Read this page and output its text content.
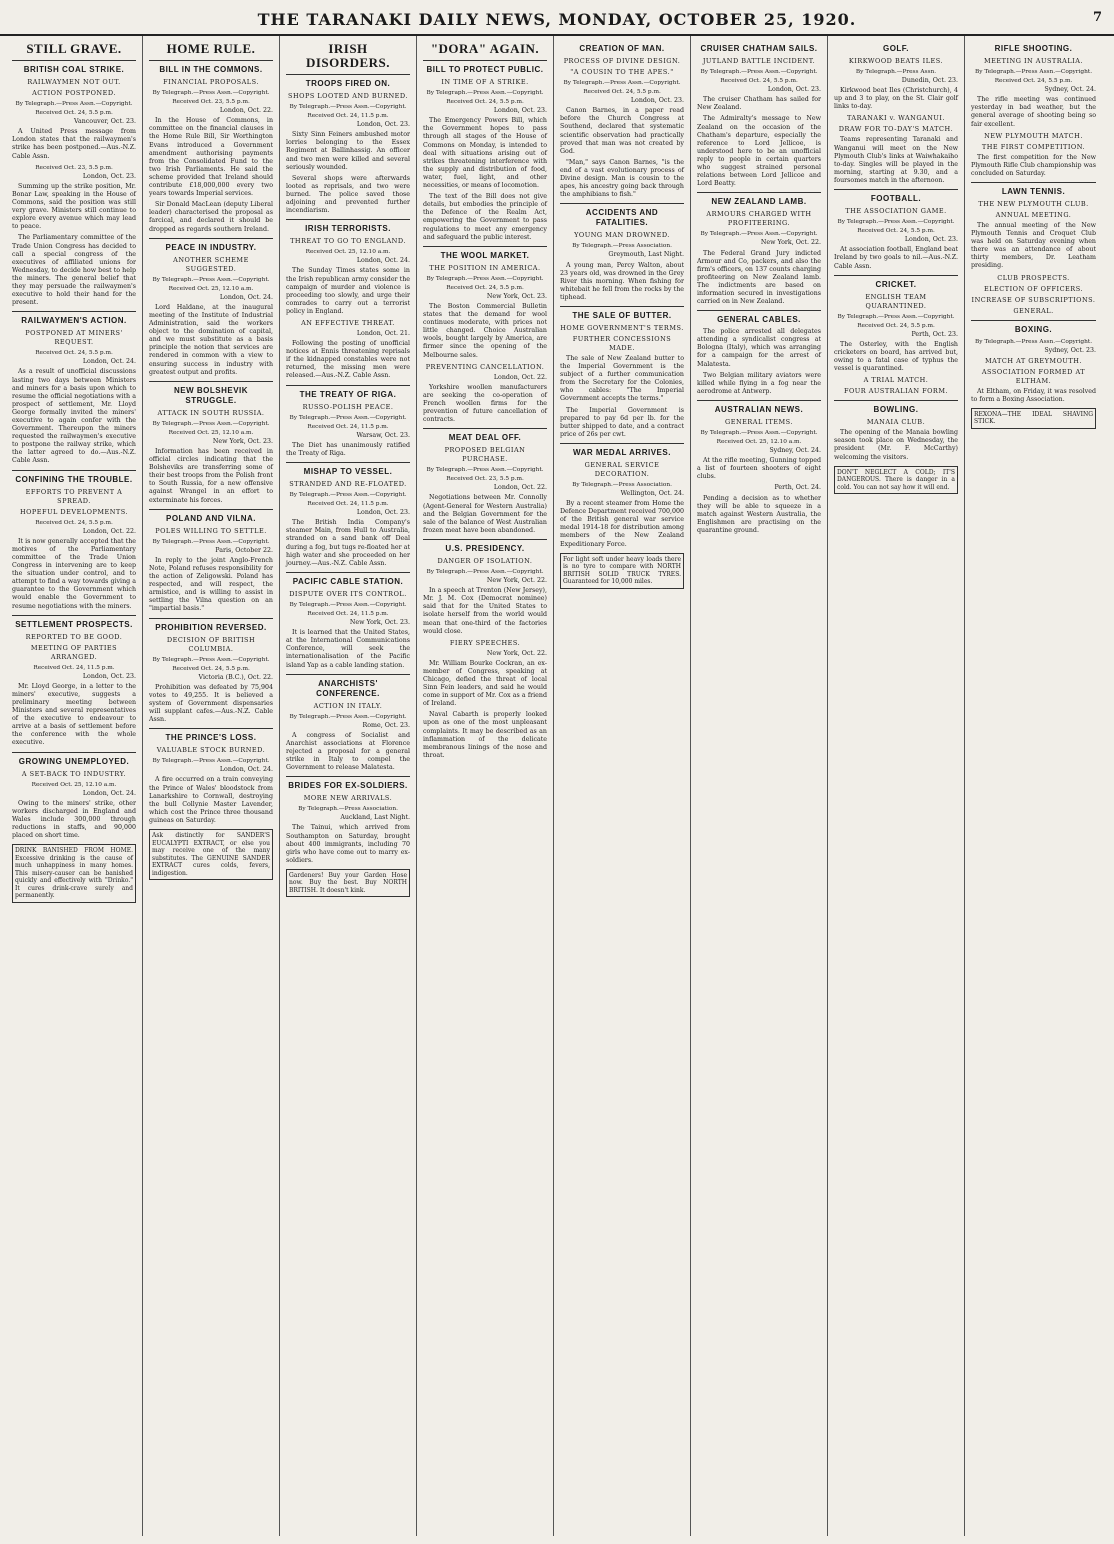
THE TARANAKI DAILY NEWS, MONDAY, OCTOBER 25, 1920.	7
STILL GRAVE.
BRITISH COAL STRIKE.
RAILWAYMEN NOT OUT.
ACTION POSTPONED.
By Telegraph.—Press Assn.—Copyright.
Received Oct. 24, 5.5 p.m.
Vancouver, Oct. 23.
A United Press message from London states that the railwaymen's strike has been postponed.—Aus.-N.Z. Cable Assn.
Received Oct. 23, 5.5 p.m.
London, Oct. 23.
Summing up the strike position, Mr. Bonar Law, speaking in the House of Commons, said the position was still very grave. Ministers still continue to explore every avenue which may lead to peace.
The Parliamentary committee of the Trade Union Congress has decided to call a special congress of the executives of affiliated unions for Wednesday, to decide how best to help the miners. The general belief that they may persuade the railwaymen's executive to hold their hand for the present.
RAILWAYMEN'S ACTION.
POSTPONED AT MINERS' REQUEST.
Received Oct. 24, 5.5 p.m.
London, Oct. 24.
As a result of unofficial discussions lasting two days between Ministers and miners for a basis upon which to resume the official negotiations with a prospect of settlement, Mr. Lloyd George formally invited the miners' executive to again confer with the Government. Thereupon the miners requested the railwaymen's executive to postpone the railway strike, which the latter agreed to do.—Aus.-N.Z. Cable Assn.
CONFINING THE TROUBLE.
EFFORTS TO PREVENT A SPREAD.
HOPEFUL DEVELOPMENTS.
Received Oct. 24, 5.5 p.m.
London, Oct. 22.
It is now generally accepted that the motives of the Parliamentary committee of the Trade Union Congress in intervening are to keep the situation under control, and to attempt to find a way towards giving a guarantee to the Government which would enable the Government to resume negotiations with the miners.
SETTLEMENT PROSPECTS.
REPORTED TO BE GOOD.
MEETING OF PARTIES ARRANGED.
Received Oct. 24, 11.5 p.m.
London, Oct. 23.
Mr. Lloyd George, in a letter to the miners' executive, suggests a preliminary meeting between Ministers and several representatives of the executive to endeavour to arrive at a basis of settlement before the conference with the whole executive.
GROWING UNEMPLOYED.
A SET-BACK TO INDUSTRY.
Received Oct. 25, 12.10 a.m.
London, Oct. 24.
Owing to the miners' strike, other workers discharged in England and Wales include 300,000 through reductions in staffs, and 90,000 placed on short time.
DRINK BANISHED FROM HOME. Excessive drinking is the cause of much unhappiness in many homes. This misery-causer can be banished quickly and effectively with "Drinko." It cures drink-crave surely and permanently.
HOME RULE.
BILL IN THE COMMONS.
FINANCIAL PROPOSALS.
By Telegraph.—Press Assn.—Copyright.
Received Oct. 23, 5.5 p.m.
London, Oct. 22.
In the House of Commons, in committee on the financial clauses in the Home Rule Bill, Sir Worthington Evans introduced a Government amendment authorising payments from the Consolidated Fund to the two Irish Parliaments. He said the scheme provided that Ireland should contribute £18,000,000 every two years towards Imperial services.
Sir Donald MacLean (deputy Liberal leader) characterised the proposal as farcical, and declared it should be dropped as regards southern Ireland.
PEACE IN INDUSTRY.
ANOTHER SCHEME SUGGESTED.
By Telegraph.—Press Assn.—Copyright.
Received Oct. 25, 12.10 a.m.
London, Oct. 24.
Lord Haldane, at the inaugural meeting of the Institute of Industrial Administration, said the workers object to the domination of capital, and we must substitute as a basis principle the notion that services are rendered in common with a view to ensuring success in industry with greatest output and profits.
NEW BOLSHEVIK STRUGGLE.
ATTACK IN SOUTH RUSSIA.
By Telegraph.—Press Assn.—Copyright.
Received Oct. 25, 12.10 a.m.
New York, Oct. 23.
Information has been received in official circles indicating that the Bolsheviks are transferring some of their best troops from the Polish front to South Russia, for a new offensive against Wrangel in an effort to exterminate his forces.
POLAND AND VILNA.
POLES WILLING TO SETTLE.
By Telegraph.—Press Assn.—Copyright.
Paris, October 22.
In reply to the joint Anglo-French Note, Poland refuses responsibility for the action of Zeligowski. Poland has respected, and will respect, the armistice, and is willing to assist in settling the Vilna question on an "impartial basis."
PROHIBITION REVERSED.
DECISION OF BRITISH COLUMBIA.
By Telegraph.—Press Assn.—Copyright.
Received Oct. 24, 5.5 p.m.
Victoria (B.C.), Oct. 22.
Prohibition was defeated by 75,904 votes to 49,255. It is believed a system of Government dispensaries will supplant cafes.—Aus.-N.Z. Cable Assn.
THE PRINCE'S LOSS.
VALUABLE STOCK BURNED.
By Telegraph.—Press Assn.—Copyright.
London, Oct. 24.
A fire occurred on a train conveying the Prince of Wales' bloodstock from Lanarkshire to Cornwall, destroying the bull Collynie Master Lavender, which cost the Prince three thousand guineas on Saturday.
Ask distinctly for SANDER'S EUCALYPTI EXTRACT, or else you may receive one of the many substitutes. The GENUINE SANDER EXTRACT cures colds, fevers, indigestion.
IRISH DISORDERS.
TROOPS FIRED ON.
SHOPS LOOTED AND BURNED.
By Telegraph.—Press Assn.—Copyright.
Received Oct. 24, 11.5 p.m.
London, Oct. 23.
Sixty Sinn Feiners ambushed motor lorries belonging to the Essex Regiment at Ballinhassig. An officer and two men were killed and several seriously wounded.
Several shops were afterwards looted as reprisals, and two were burned. The police saved those adjoining and prevented further incendiarism.
IRISH TERRORISTS.
THREAT TO GO TO ENGLAND.
Received Oct. 25, 12.10 a.m.
London, Oct. 24.
The Sunday Times states some in the Irish republican army consider the campaign of murder and violence is proceeding too slowly, and urge their comrades to carry out a terrorist policy in England.
AN EFFECTIVE THREAT.
London, Oct. 21.
Following the posting of unofficial notices at Ennis threatening reprisals if the kidnapped constables were not returned, the missing men were released.—Aus.-N.Z. Cable Assn.
THE TREATY OF RIGA.
RUSSO-POLISH PEACE.
By Telegraph.—Press Assn.—Copyright.
Received Oct. 24, 11.5 p.m.
Warsaw, Oct. 23.
The Diet has unanimously ratified the Treaty of Riga.
MISHAP TO VESSEL.
STRANDED AND RE-FLOATED.
By Telegraph.—Press Assn.—Copyright.
Received Oct. 24, 11.5 p.m.
London, Oct. 23.
The British India Company's steamer Main, from Hull to Australia, stranded on a sand bank off Deal during a fog, but tugs re-floated her at high water and she proceeded on her journey.—Aus.-N.Z. Cable Assn.
PACIFIC CABLE STATION.
DISPUTE OVER ITS CONTROL.
By Telegraph.—Press Assn.—Copyright.
Received Oct. 24, 11.5 p.m.
New York, Oct. 23.
It is learned that the United States, at the International Communications Conference, will seek the internationalisation of the Pacific island Yap as a cable landing station.
ANARCHISTS' CONFERENCE.
ACTION IN ITALY.
By Telegraph.—Press Assn.—Copyright.
Rome, Oct. 23.
A congress of Socialist and Anarchist associations at Florence rejected a proposal for a general strike in Italy to compel the Government to release Malatesta.
BRIDES FOR EX-SOLDIERS.
MORE NEW ARRIVALS.
By Telegraph.—Press Association.
Auckland, Last Night.
The Tainui, which arrived from Southampton on Saturday, brought about 400 immigrants, including 70 girls who have come out to marry ex-soldiers.
Gardeners! Buy your Garden Hose now. Buy the best. Buy NORTH BRITISH. It doesn't kink.
"DORA" AGAIN.
BILL TO PROTECT PUBLIC.
IN TIME OF A STRIKE.
By Telegraph.—Press Assn.—Copyright.
Received Oct. 24, 5.5 p.m.
London, Oct. 23.
The Emergency Powers Bill, which the Government hopes to pass through all stages of the House of Commons on Monday, is intended to deal with situations arising out of strikes threatening interference with the supply and distribution of food, water, fuel, light, and other necessities, or means of locomotion.
The text of the Bill does not give details, but embodies the principle of the Defence of the Realm Act, empowering the Government to pass regulations to meet any emergency and safeguard the public interest.
THE WOOL MARKET.
THE POSITION IN AMERICA.
By Telegraph.—Press Assn.—Copyright.
Received Oct. 24, 5.5 p.m.
New York, Oct. 23.
The Boston Commercial Bulletin states that the demand for wool continues moderate, with prices not little changed. Choice Australian wools, bought largely by America, are firmer since the opening of the Melbourne sales.
PREVENTING CANCELLATION.
London, Oct. 22.
Yorkshire woollen manufacturers are seeking the co-operation of French woollen firms for the prevention of future cancellation of contracts.
MEAT DEAL OFF.
PROPOSED BELGIAN PURCHASE.
By Telegraph.—Press Assn.—Copyright.
Received Oct. 23, 5.5 p.m.
London, Oct. 22.
Negotiations between Mr. Connolly (Agent-General for Western Australia) and the Belgian Government for the sale of the balance of West Australian frozen meat have been abandoned.
U.S. PRESIDENCY.
DANGER OF ISOLATION.
By Telegraph.—Press Assn.—Copyright.
New York, Oct. 22.
In a speech at Trenton (New Jersey), Mr. J. M. Cox (Democrat nominee) said that for the United States to isolate herself from the world would mean that one-third of the factories would close.
FIERY SPEECHES.
New York, Oct. 22.
Mr. William Bourke Cockran, an ex-member of Congress, speaking at Chicago, defied the threat of local Sinn Fein leaders, and said he would come in support of Mr. Cox as a friend of Ireland.
Naval Cabarth is properly looked upon as one of the most unpleasant complaints. It may be described as an inflammation of the delicate membranous linings of the nose and throat.
CREATION OF MAN.
PROCESS OF DIVINE DESIGN.
"A COUSIN TO THE APES."
By Telegraph.—Press Assn.—Copyright.
Received Oct. 24, 5.5 p.m.
London, Oct. 23.
Canon Barnes, in a paper read before the Church Congress at Southend, declared that systematic scientific observation had practically proved that man was not created by God.
"Man," says Canon Barnes, "is the end of a vast evolutionary process of Divine design. Man is cousin to the apes, his ancestry going back through the amphibians to fish."
ACCIDENTS AND FATALITIES.
YOUNG MAN DROWNED.
By Telegraph.—Press Association.
Greymouth, Last Night.
A young man, Percy Walton, about 23 years old, was drowned in the Grey River this morning. When fishing for whitebait he fell from the rocks by the tiphead.
THE SALE OF BUTTER.
HOME GOVERNMENT'S TERMS.
FURTHER CONCESSIONS MADE.
The sale of New Zealand butter to the Imperial Government is the subject of a further communication from the Secretary for the Colonies, who cables: "The Imperial Government accepts the terms."
The Imperial Government is prepared to pay 6d per lb. for the butter shipped to date, and a contract price of 26s per cwt.
WAR MEDAL ARRIVES.
GENERAL SERVICE DECORATION.
By Telegraph.—Press Association.
Wellington, Oct. 24.
By a recent steamer from Home the Defence Department received 700,000 of the British general war service medal 1914-18 for distribution among members of the New Zealand Expeditionary Force.
For light soft under heavy loads there is no tyre to compare with NORTH BRITISH SOLID TRUCK TYRES. Guaranteed for 10,000 miles.
CRUISER CHATHAM SAILS.
JUTLAND BATTLE INCIDENT.
By Telegraph.—Press Assn.—Copyright.
Received Oct. 24, 5.5 p.m.
London, Oct. 23.
The cruiser Chatham has sailed for New Zealand.
The Admiralty's message to New Zealand on the occasion of the Chatham's departure, especially the reference to Lord Jellicoe, is understood here to be an unofficial reply to people in certain quarters who suggest strained personal relations between Lord Jellicoe and Lord Beatty.
NEW ZEALAND LAMB.
ARMOURS CHARGED WITH PROFITEERING.
By Telegraph.—Press Assn.—Copyright.
New York, Oct. 22.
The Federal Grand Jury indicted Armour and Co, packers, and also the firm's officers, on 137 counts charging profiteering on New Zealand lamb. The indictments are based on information secured in investigations carried on in New Zealand.
GENERAL CABLES.
The police arrested all delegates attending a syndicalist congress at Bologna (Italy), which was arranging for a campaign for the arrest of Malatesta.
Two Belgian military aviators were killed while flying in a fog near the aerodrome at Antwerp.
AUSTRALIAN NEWS.
GENERAL ITEMS.
By Telegraph.—Press Assn.—Copyright.
Received Oct. 25, 12.10 a.m.
Sydney, Oct. 24.
At the rifle meeting, Gunning topped a list of fourteen shooters of eight clubs.
Perth, Oct. 24.
Pending a decision as to whether they will be able to squeeze in a match against Western Australia, the Englishmen are practising on the quarantine ground.
GOLF.
KIRKWOOD BEATS ILES.
By Telegraph.—Press Assn.
Dunedin, Oct. 23.
Kirkwood beat Iles (Christchurch), 4 up and 3 to play, on the St. Clair golf links to-day.
TARANAKI v. WANGANUI.
DRAW FOR TO-DAY'S MATCH.
Teams representing Taranaki and Wanganui will meet on the New Plymouth Club's links at Waiwhakaiho to-day. Singles will be played in the morning, starting at 9.30, and a foursomes match in the afternoon.
FOOTBALL.
THE ASSOCIATION GAME.
By Telegraph.—Press Assn.—Copyright.
Received Oct. 24, 5.5 p.m.
London, Oct. 23.
At association football, England beat Ireland by two goals to nil.—Aus.-N.Z. Cable Assn.
CRICKET.
ENGLISH TEAM QUARANTINED.
By Telegraph.—Press Assn.—Copyright.
Received Oct. 24, 5.5 p.m.
Perth, Oct. 23.
The Osterley, with the English cricketers on board, has arrived but, owing to a fatal case of typhus the vessel is quarantined.
A TRIAL MATCH.
FOUR AUSTRALIAN FORM.
BOWLING.
MANAIA CLUB.
The opening of the Manaia bowling season took place on Wednesday, the president (Mr. F. McCarthy) welcoming the visitors.
DON'T NEGLECT A COLD; IT'S DANGEROUS. There is danger in a cold. You can not say how it will end.
RIFLE SHOOTING.
MEETING IN AUSTRALIA.
By Telegraph.—Press Assn.—Copyright.
Received Oct. 24, 5.5 p.m.
Sydney, Oct. 24.
The rifle meeting was continued yesterday in bad weather, but the general average of shooting being so fair excellent.
NEW PLYMOUTH MATCH.
THE FIRST COMPETITION.
The first competition for the New Plymouth Rifle Club championship was concluded on Saturday.
LAWN TENNIS.
THE NEW PLYMOUTH CLUB.
ANNUAL MEETING.
The annual meeting of the New Plymouth Tennis and Croquet Club was held on Saturday evening when there was an attendance of about thirty members, Dr. Leatham presiding.
CLUB PROSPECTS.
ELECTION OF OFFICERS.
INCREASE OF SUBSCRIPTIONS.
GENERAL.
BOXING.
By Telegraph.—Press Assn.—Copyright.
Sydney, Oct. 23.
MATCH AT GREYMOUTH.
ASSOCIATION FORMED AT ELTHAM.
At Eltham, on Friday, it was resolved to form a Boxing Association.
REXONA—THE IDEAL SHAVING STICK.
